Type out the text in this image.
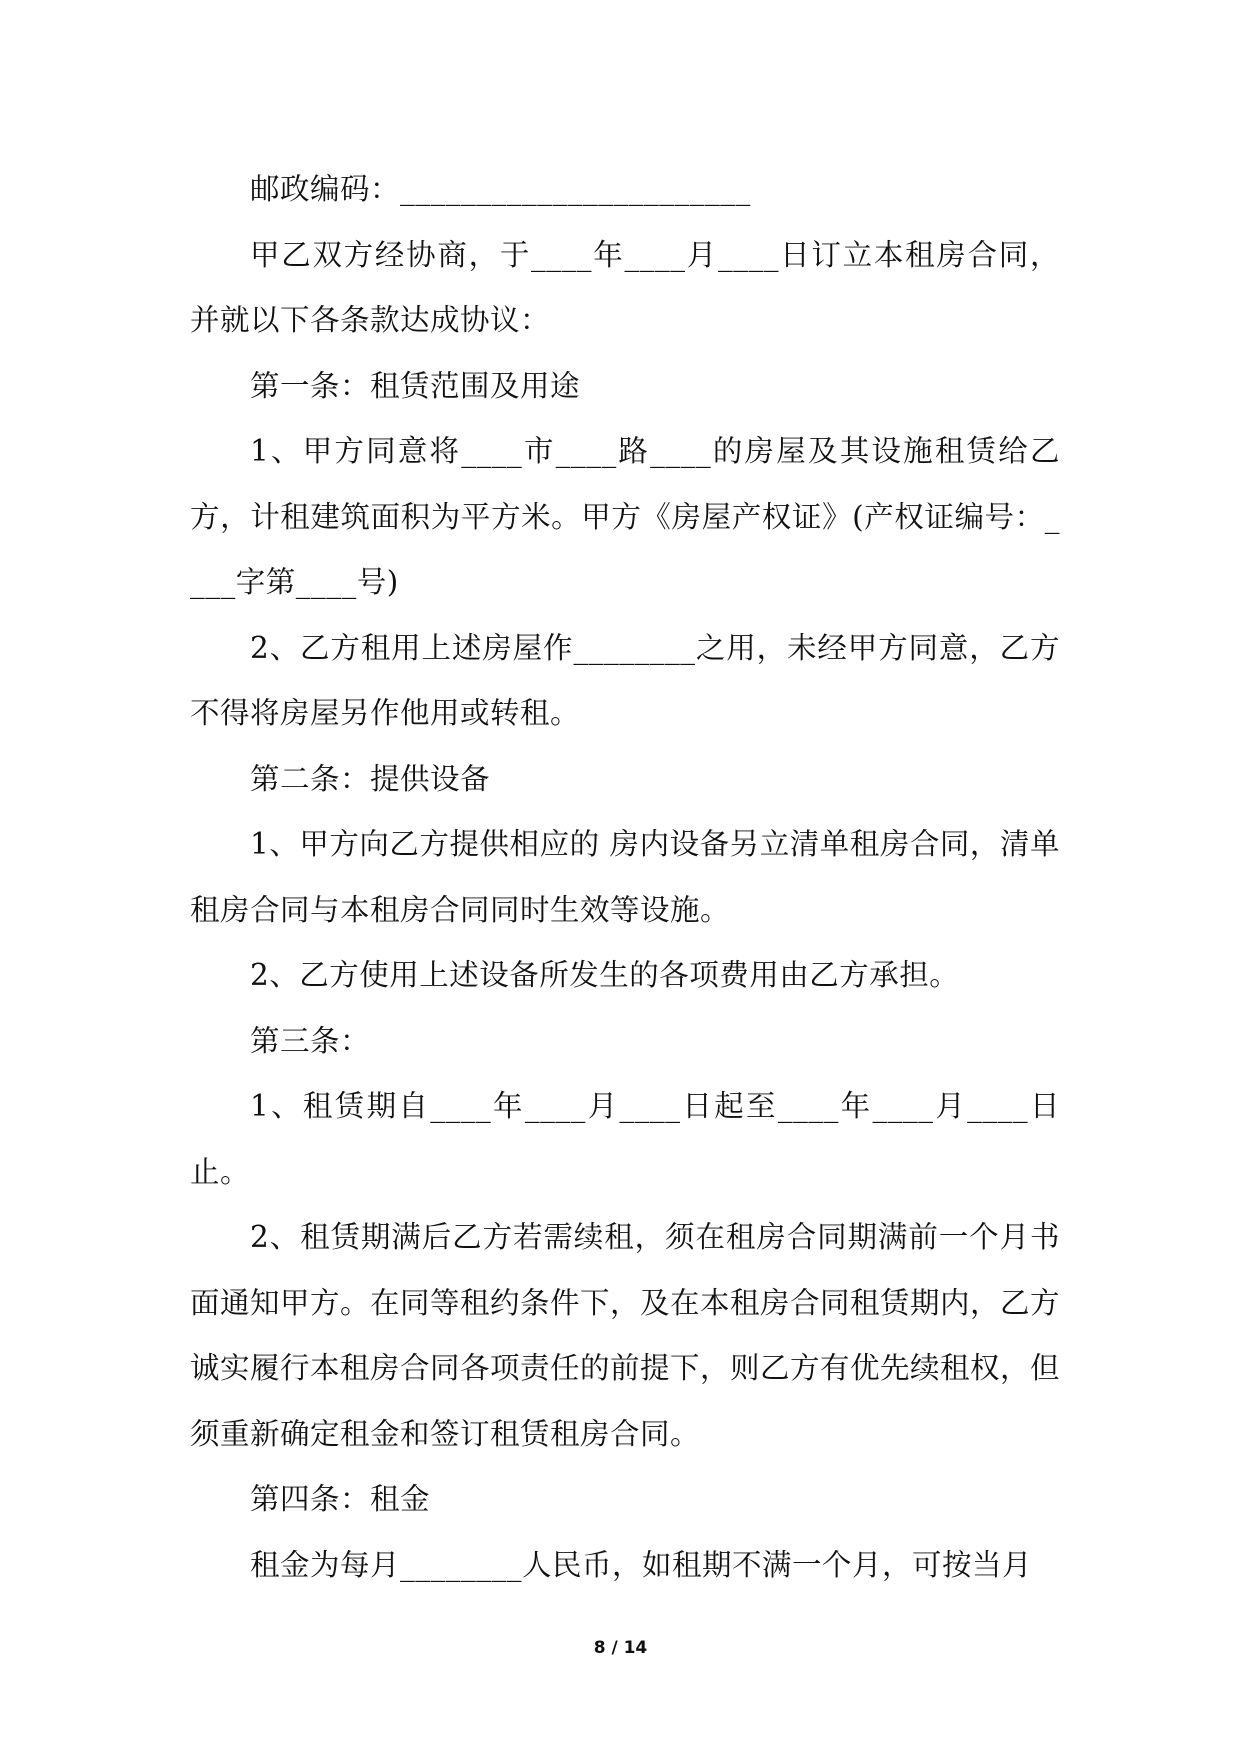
邮政编码：_______________________

甲乙双方经协商，于____年____月____日订立本租房合同，并就以下各条款达成协议：

第一条：租赁范围及用途

1、甲方同意将____市____路____的房屋及其设施租赁给乙方，计租建筑面积为平方米。甲方《房屋产权证》(产权证编号：____字第____号)

2、乙方租用上述房屋作________之用，未经甲方同意，乙方不得将房屋另作他用或转租。

第二条：提供设备

1、甲方向乙方提供相应的 房内设备另立清单租房合同，清单租房合同与本租房合同同时生效等设施。

2、乙方使用上述设备所发生的各项费用由乙方承担。

第三条：

1、租赁期自____年____月____日起至____年____月____日止。

2、租赁期满后乙方若需续租，须在租房合同期满前一个月书面通知甲方。在同等租约条件下，及在本租房合同租赁期内，乙方诚实履行本租房合同各项责任的前提下，则乙方有优先续租权，但须重新确定租金和签订租赁租房合同。

第四条：租金

租金为每月________人民币，如租期不满一个月，可按当月

8 / 14
